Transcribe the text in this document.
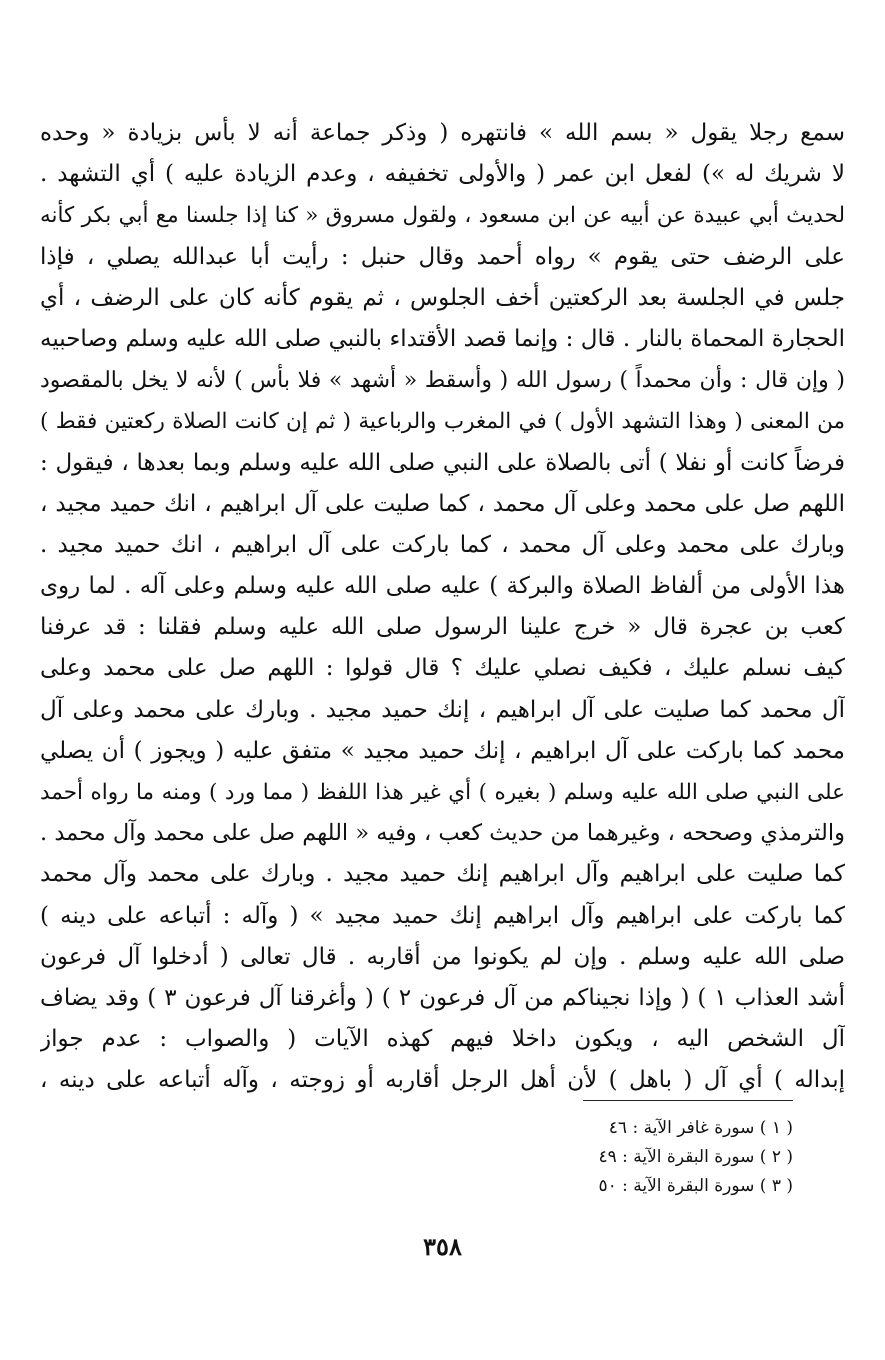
سمع رجلا يقول « بسم الله » فانتهره ( وذكر جماعة أنه لا بأس بزيادة « وحده
لا شريك له ») لفعل ابن عمر ( والأولى تخفيفه ، وعدم الزيادة عليه ) أي التشهد .
لحديث أبي عبيدة عن أبيه عن ابن مسعود ، ولقول مسروق « كنا إذا جلسنا مع أبي بكر كأنه
على الرضف حتى يقوم » رواه أحمد وقال حنبل : رأيت أبا عبدالله يصلي ، فإذا
جلس في الجلسة بعد الركعتين أخف الجلوس ، ثم يقوم كأنه كان على الرضف ، أي
الحجارة المحماة بالنار . قال : وإنما قصد الأقتداء بالنبي صلى الله عليه وسلم وصاحبيه
( وإن قال : وأن محمداً ) رسول الله ( وأسقط « أشهد » فلا بأس ) لأنه لا يخل بالمقصود
من المعنى ( وهذا التشهد الأول ) في المغرب والرباعية ( ثم إن كانت الصلاة ركعتين فقط )
فرضاً كانت أو نفلا ) أتى بالصلاة على النبي صلى الله عليه وسلم وبما بعدها ، فيقول :
اللهم صل على محمد وعلى آل محمد ، كما صليت على آل ابراهيم ، انك حميد مجيد ،
وبارك على محمد وعلى آل محمد ، كما باركت على آل ابراهيم ، انك حميد مجيد .
هذا الأولى من ألفاظ الصلاة والبركة ) عليه صلى الله عليه وسلم وعلى آله . لما روى
كعب بن عجرة قال « خرج علينا الرسول صلى الله عليه وسلم فقلنا : قد عرفنا
كيف نسلم عليك ، فكيف نصلي عليك ؟ قال قولوا : اللهم صل على محمد وعلى
آل محمد كما صليت على آل ابراهيم ، إنك حميد مجيد . وبارك على محمد وعلى آل
محمد كما باركت على آل ابراهيم ، إنك حميد مجيد » متفق عليه ( ويجوز ) أن يصلي
على النبي صلى الله عليه وسلم ( بغيره ) أي غير هذا اللفظ ( مما ورد ) ومنه ما رواه أحمد
والترمذي وصححه ، وغيرهما من حديث كعب ، وفيه « اللهم صل على محمد وآل محمد .
كما صليت على ابراهيم وآل ابراهيم إنك حميد مجيد . وبارك على محمد وآل محمد
كما باركت على ابراهيم وآل ابراهيم إنك حميد مجيد » ( وآله : أتباعه على دينه )
صلى الله عليه وسلم . وإن لم يكونوا من أقاربه . قال تعالى ( أدخلوا آل فرعون
أشد العذاب ١ ) ( وإذا نجيناكم من آل فرعون ٢ ) ( وأغرقنا آل فرعون ٣ ) وقد يضاف
آل الشخص اليه ، ويكون داخلا فيهم كهذه الآيات ( والصواب : عدم جواز
إبداله ) أي آل ( باهل ) لأن أهل الرجل أقاربه أو زوجته ، وآله أتباعه على دينه ،
( ١ ) سورة غافر الآية : ٤٦
( ٢ ) سورة البقرة الآية : ٤٩
( ٣ ) سورة البقرة الآية : ٥٠
٣٥٨
